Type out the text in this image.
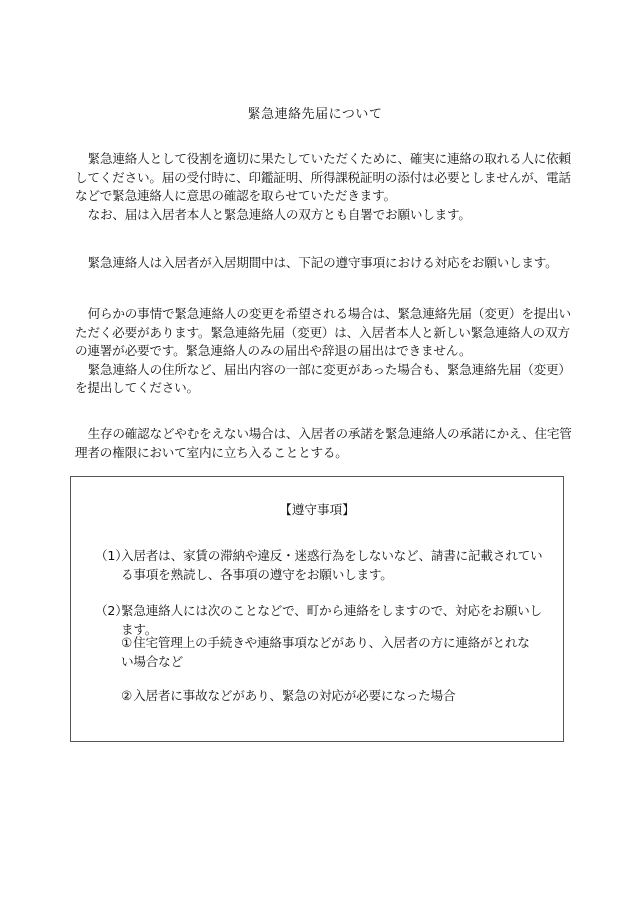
緊急連絡先届について

緊急連絡人として役割を適切に果たしていただくために、確実に連絡の取れる人に依頼してください。届の受付時に、印鑑証明、所得課税証明の添付は必要としませんが、電話などで緊急連絡人に意思の確認を取らせていただきます。

なお、届は入居者本人と緊急連絡人の双方とも自署でお願いします。

緊急連絡人は入居者が入居期間中は、下記の遵守事項における対応をお願いします。

何らかの事情で緊急連絡人の変更を希望される場合は、緊急連絡先届（変更）を提出いただく必要があります。緊急連絡先届（変更）は、入居者本人と新しい緊急連絡人の双方の連署が必要です。緊急連絡人のみの届出や辞退の届出はできません。

緊急連絡人の住所など、届出内容の一部に変更があった場合も、緊急連絡先届（変更）を提出してください。

生存の確認などやむをえない場合は、入居者の承諾を緊急連絡人の承諾にかえ、住宅管理者の権限において室内に立ち入ることとする。

【遵守事項】
（1）
入居者は、家賃の滞納や違反・迷惑行為をしないなど、請書に記載されている事項を熟読し、各事項の遵守をお願いします。
（2）
緊急連絡人には次のことなどで、町から連絡をしますので、対応をお願いします。
①住宅管理上の手続きや連絡事項などがあり、入居者の方に連絡がとれない場合など
②入居者に事故などがあり、緊急の対応が必要になった場合
